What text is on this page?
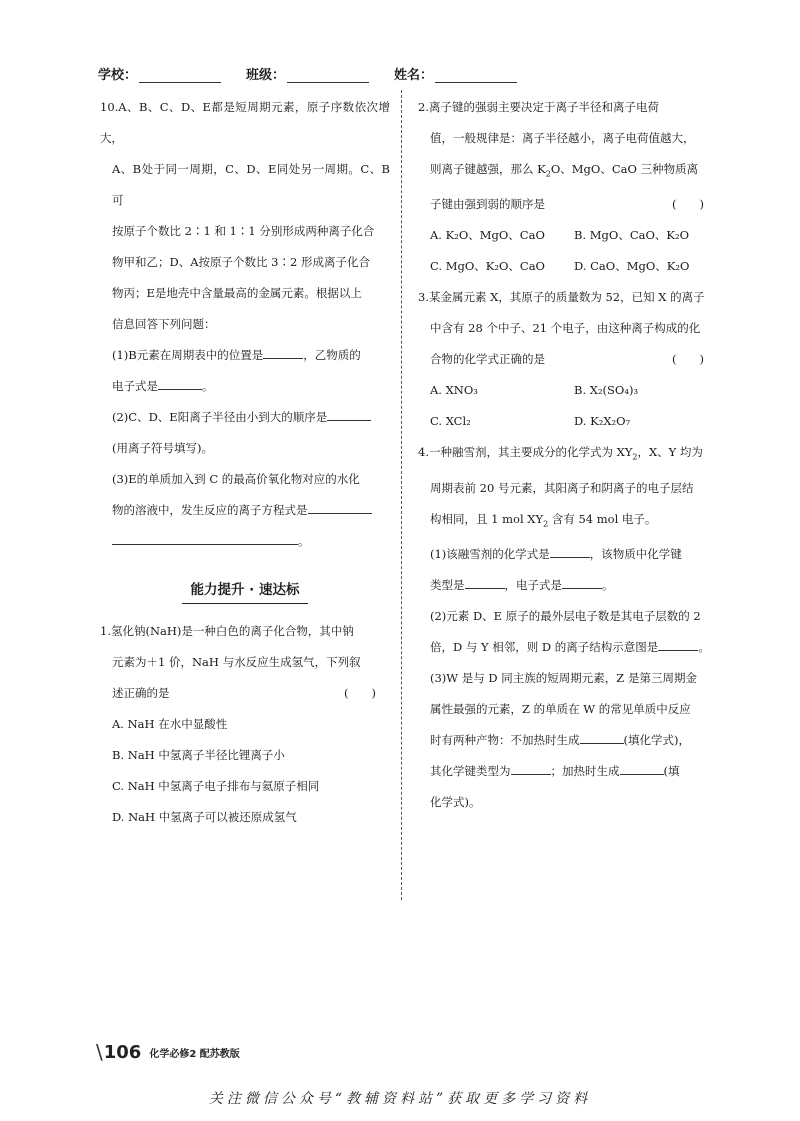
学校：	班级：	姓名：

10.A、B、C、D、E都是短周期元素，原子序数依次增大，

A、B处于同一周期，C、D、E同处另一周期。C、B可

按原子个数比 2∶1 和 1∶1 分别形成两种离子化合

物甲和乙；D、A按原子个数比 3∶2 形成离子化合

物丙；E是地壳中含量最高的金属元素。根据以上

信息回答下列问题：

(1)B元素在周期表中的位置是	，乙物质的

电子式是	。

(2)C、D、E阳离子半径由小到大的顺序是

(用离子符号填写)。

(3)E的单质加入到 C 的最高价氧化物对应的水化

物的溶液中，发生反应的离子方程式是

。

能力提升 · 速达标

1.氢化钠(NaH)是一种白色的离子化合物，其中钠

元素为＋1 价，NaH 与水反应生成氢气，下列叙

述正确的是	(　　)

A. NaH 在水中显酸性

B. NaH 中氢离子半径比锂离子小

C. NaH 中氢离子电子排布与氦原子相同

D. NaH 中氢离子可以被还原成氢气

2.离子键的强弱主要决定于离子半径和离子电荷

值，一般规律是：离子半径越小，离子电荷值越大，

则离子键越强，那么 $K_2O$、MgO、CaO 三种物质离

子键由强到弱的顺序是	(　　)

A. K₂O、MgO、CaO	B. MgO、CaO、K₂O
C. MgO、K₂O、CaO	D. CaO、MgO、K₂O

3.某金属元素 X，其原子的质量数为 52，已知 X 的离子

中含有 28 个中子、21 个电子，由这种离子构成的化

合物的化学式正确的是	(　　)

A. XNO₃	B. X₂(SO₄)₃
C. XCl₂	D. K₂X₂O₇

4.一种融雪剂，其主要成分的化学式为 $XY_2$，X、Y 均为

周期表前 20 号元素，其阳离子和阴离子的电子层结

构相同，且 1 mol $XY_2$ 含有 54 mol 电子。

(1)该融雪剂的化学式是	，该物质中化学键

类型是	，电子式是	。

(2)元素 D、E 原子的最外层电子数是其电子层数的 2

倍，D 与 Y 相邻，则 D 的离子结构示意图是	。

(3)W 是与 D 同主族的短周期元素，Z 是第三周期金

属性最强的元素，Z 的单质在 W 的常见单质中反应

时有两种产物：不加热时生成	(填化学式)，

其化学键类型为	；加热时生成	(填

化学式)。

\ 106 化学必修2 配苏教版
关注微信公众号“教辅资料站”获取更多学习资料
